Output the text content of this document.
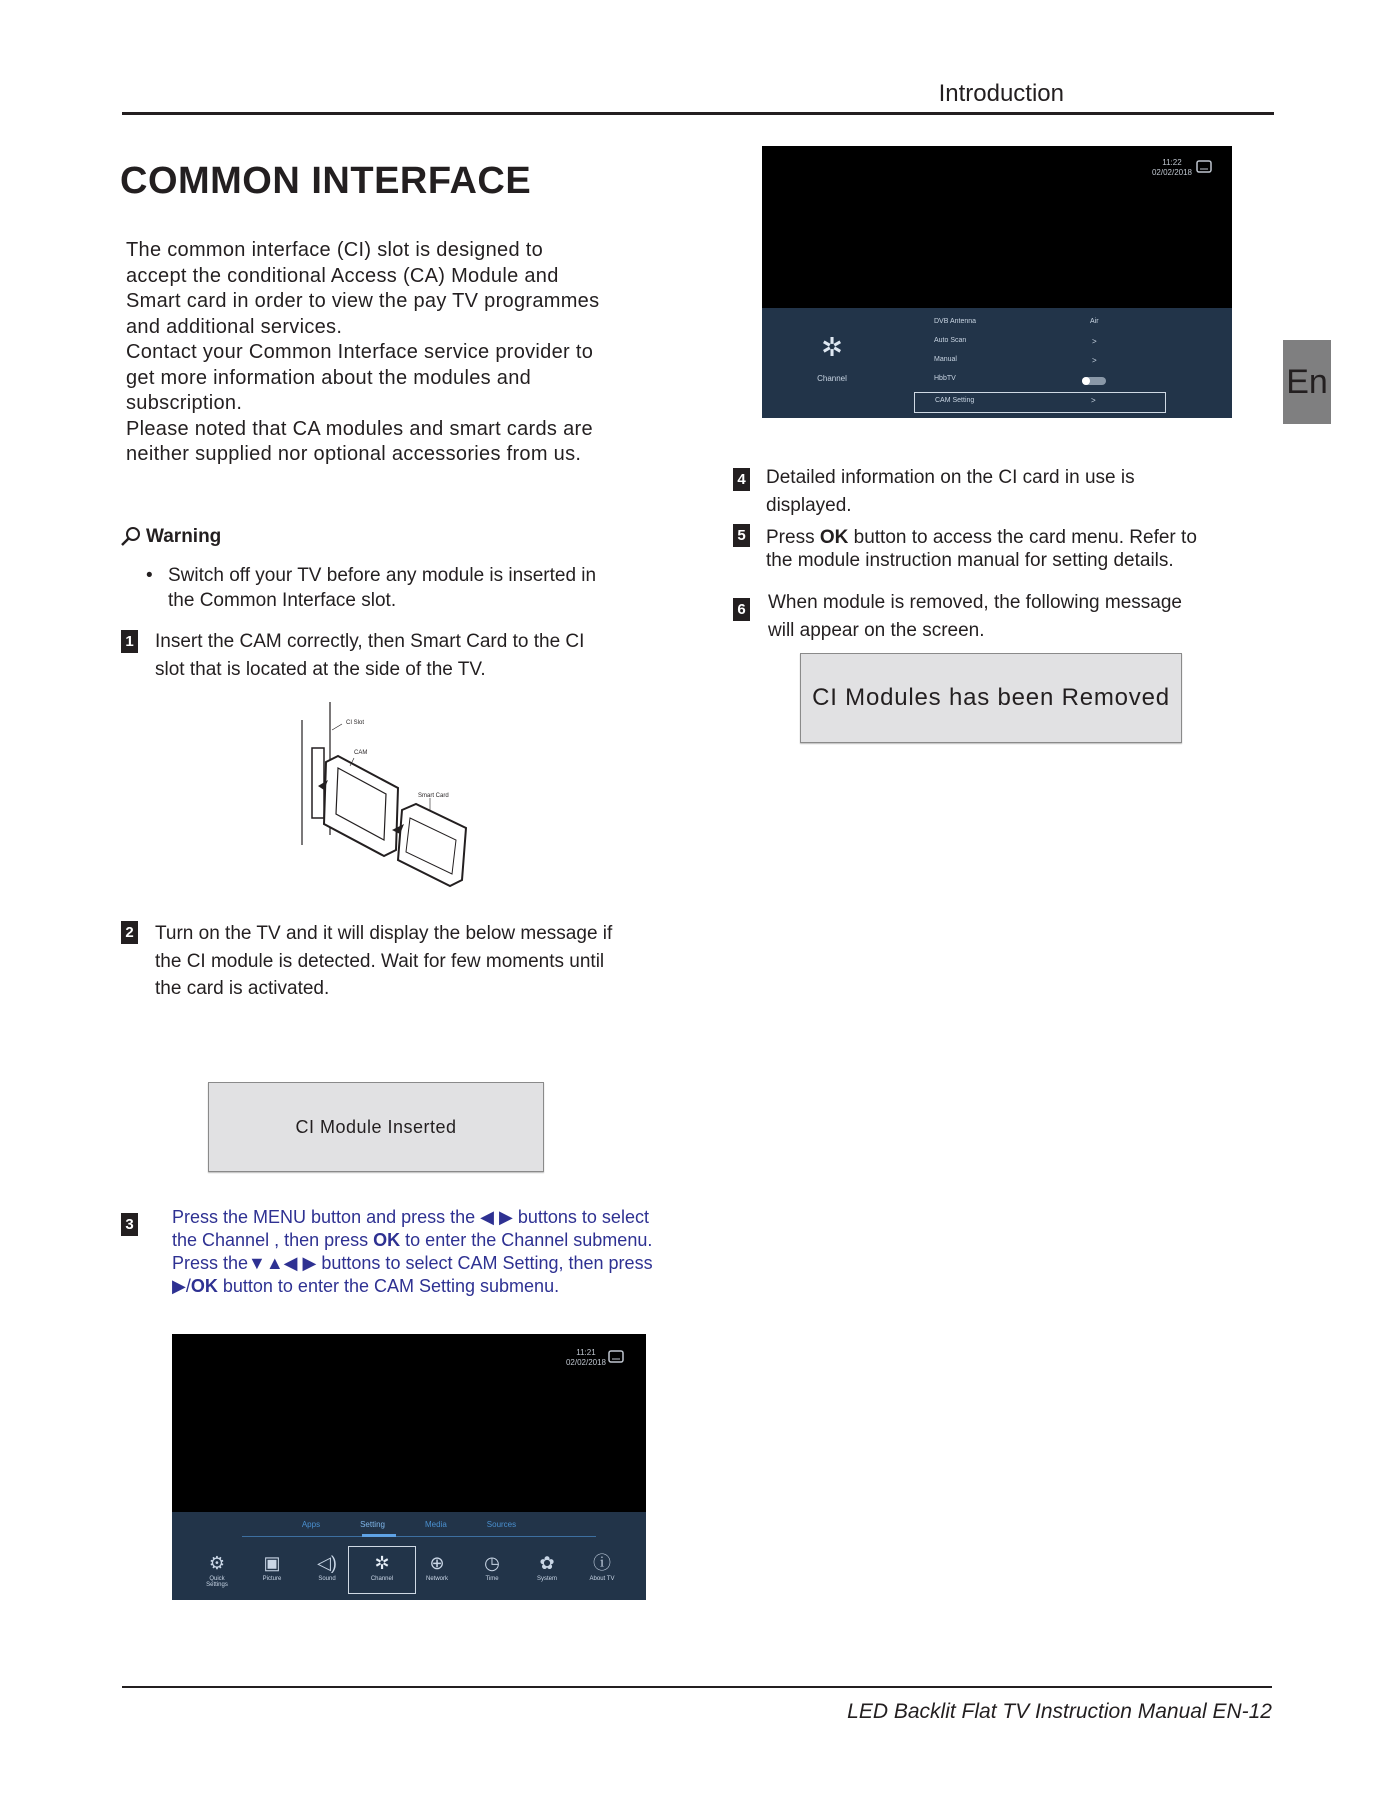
Introduction
En
COMMON INTERFACE

The common interface (CI) slot is designed to accept the conditional Access (CA) Module and Smart card in order to view the pay TV programmes and additional services.

Contact your Common Interface service provider to get more information about the modules and subscription.

Please noted that CA modules and smart cards are neither supplied nor optional accessories from us.

Warning
• Switch off your TV before any module is inserted in the Common Interface slot.
1 Insert the CAM correctly, then Smart Card to the CI slot that is located at the side of the TV.
CI Slot
CAM
Smart Card
2 Turn on the TV and it will display the below message if the CI module is detected. Wait for few moments until the card is activated.
CI Module Inserted
3 Press the MENU button and press the ◀ ▶ buttons to select the Channel , then press OK to enter the Channel submenu. Press the▼▲◀ ▶ buttons to select CAM Setting, then press ▶/OK button to enter the CAM Setting submenu.
11:21
02/02/2018
Apps	Setting	Media	Sources
⚙
Quick Settings
▣
Picture
◁)
Sound
✲
Channel
⊕
Network
◷
Time
✿
System
ⓘ
About TV
11:22
02/02/2018
✲
Channel
DVB Antenna	Air
Auto Scan	>
Manual	>
HbbTV
CAM Setting	>
4 Detailed information on the CI card in use is displayed.
5 Press OK button to access the card menu. Refer to the module instruction manual for setting details.
6 When module is removed, the following message will appear on the screen.
CI Modules has been Removed
LED Backlit Flat TV Instruction Manual EN-12
